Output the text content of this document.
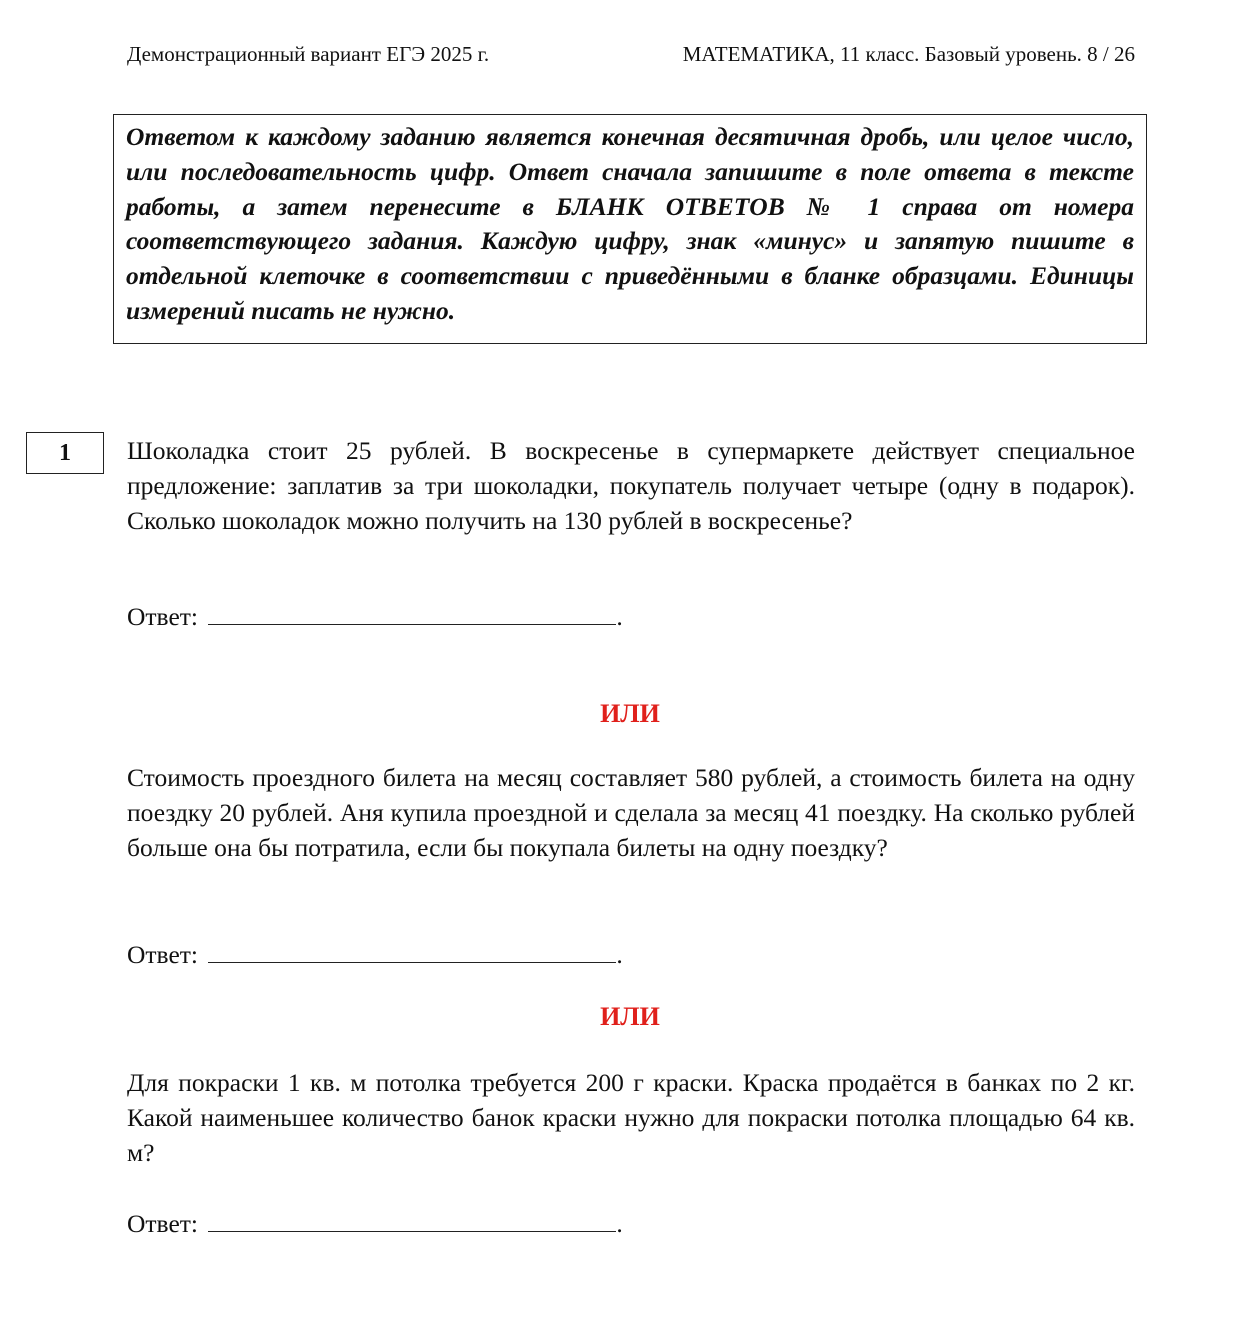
Демонстрационный вариант ЕГЭ 2025 г.	МАТЕМАТИКА, 11 класс. Базовый уровень. 8 / 26

Ответом к каждому заданию является конечная десятичная дробь, или целое число, или последовательность цифр. Ответ сначала запишите в поле ответа в тексте работы, а затем перенесите в БЛАНК ОТВЕТОВ № 1 справа от номера соответствующего задания. Каждую цифру, знак «минус» и запятую пишите в отдельной клеточке в соответствии с приведёнными в бланке образцами. Единицы измерений писать не нужно.

1	Шоколадка стоит 25 рублей. В воскресенье в супермаркете действует специальное предложение: заплатив за три шоколадки, покупатель получает четыре (одну в подарок). Сколько шоколадок можно получить на 130 рублей в воскресенье?

Ответ:	.
ИЛИ

Стоимость проездного билета на месяц составляет 580 рублей, а стоимость билета на одну поездку 20 рублей. Аня купила проездной и сделала за месяц 41 поездку. На сколько рублей больше она бы потратила, если бы покупала билеты на одну поездку?

Ответ:	.
ИЛИ

Для покраски 1 кв. м потолка требуется 200 г краски. Краска продаётся в банках по 2 кг. Какой наименьшее количество банок краски нужно для покраски потолка площадью 64 кв. м?

Ответ:	.
